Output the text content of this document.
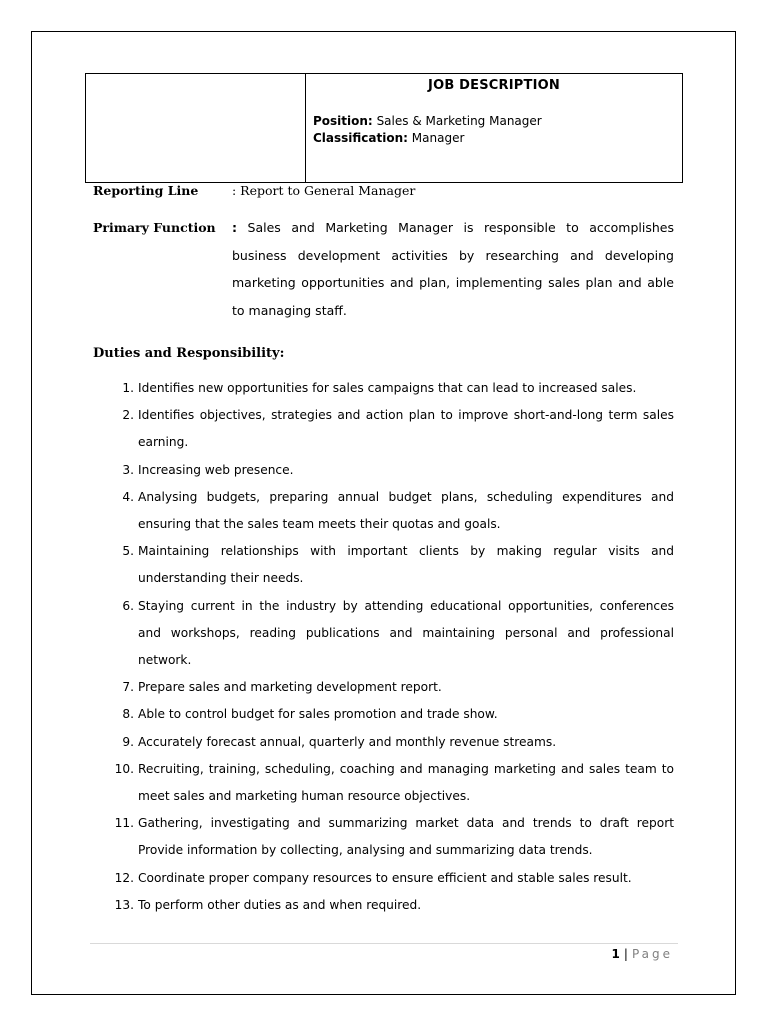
JOB DESCRIPTION
Position: Sales & Marketing Manager
Classification: Manager
Reporting Line	: Report to General Manager
Primary Function : Sales and Marketing Manager is responsible to accomplishes business development activities by researching and developing marketing opportunities and plan, implementing sales plan and able to managing staff.
Duties and Responsibility:
1. Identifies new opportunities for sales campaigns that can lead to increased sales.
2. Identifies objectives, strategies and action plan to improve short-and-long term sales earning.
3. Increasing web presence.
4. Analysing budgets, preparing annual budget plans, scheduling expenditures and ensuring that the sales team meets their quotas and goals.
5. Maintaining relationships with important clients by making regular visits and understanding their needs.
6. Staying current in the industry by attending educational opportunities, conferences and workshops, reading publications and maintaining personal and professional network.
7. Prepare sales and marketing development report.
8. Able to control budget for sales promotion and trade show.
9. Accurately forecast annual, quarterly and monthly revenue streams.
10. Recruiting, training, scheduling, coaching and managing marketing and sales team to meet sales and marketing human resource objectives.
11. Gathering, investigating and summarizing market data and trends to draft report Provide information by collecting, analysing and summarizing data trends.
12. Coordinate proper company resources to ensure efficient and stable sales result.
13. To perform other duties as and when required.
1 | Page
